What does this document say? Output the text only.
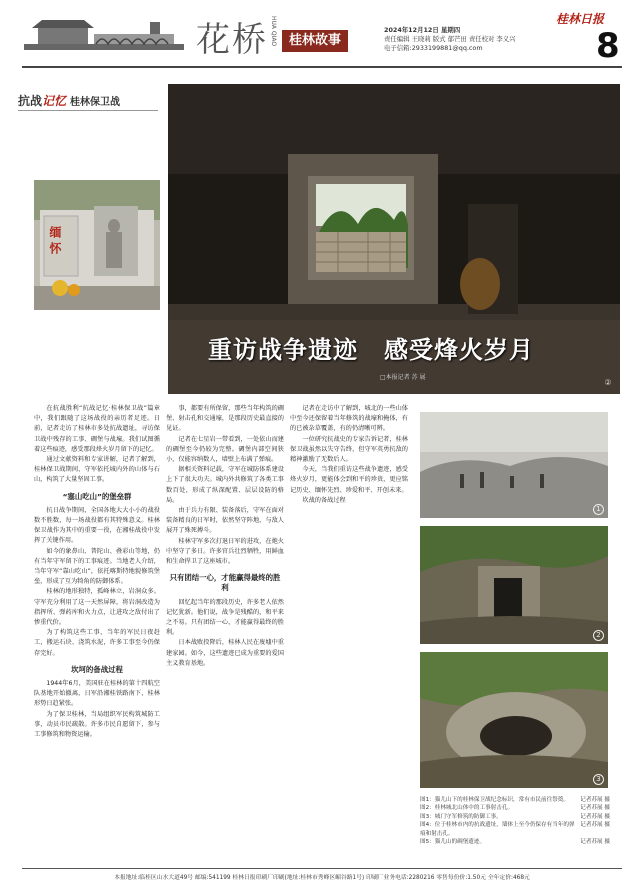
花桥 HUA QIAO 桂林故事
2024年12月12日 星期四
责任编辑 王晓莉 版式 郁芒田 责任校对 李义兴
电子信箱:2933199881@qq.com
桂林日报
8
抗战记忆 桂林保卫战
缅 怀
②
重访战争遗迹 感受烽火岁月
□本报记者 苏 展

在抗战胜利“抗战记忆·桂林保卫战”篇章中，我们跟随了这场战役的亲历者足迹。日前，记者走访了桂林市多处抗战遗址，寻访保卫战中残存的工事、碉堡与战壕。我们试图循着这些痕迹，感受那段烽火岁月留下的记忆。

通过文献资料和专家讲解，记者了解到，桂林保卫战期间，守军依托城内外的山体与石山，构筑了大量坚固工事。

“塞山吃山”的堡垒群

抗日战争期间，全国各地大大小小的战役数不胜数，每一场战役都有其特殊意义。桂林保卫战作为其中的重要一役，在湘桂战役中发挥了关键作用。

如今的象鼻山、普陀山、叠彩山等地，仍有当年守军留下的工事痕迹。当地老人介绍，当年守军“靠山吃山”，依托喀斯特地貌修筑堡垒，形成了互为犄角的防御体系。

桂林的地形独特，孤峰林立，岩洞众多。守军充分利用了这一天然屏障，将岩洞改造为指挥所、弹药库和火力点，让进攻之敌付出了惨重代价。

为了构筑这些工事，当年的军民日夜赶工，搬运石块、浇筑水泥，许多工事至今仍保存完好。

坎坷的备战过程

1944年6月，美国驻在桂林的第十四航空队基地开始撤离，日军沿湘桂铁路南下，桂林形势日趋紧张。

为了保卫桂林，当局组织军民构筑城防工事，动员市民疏散。许多市民自愿留下，参与工事修筑和物资运输。

事，都要有所保留，那些当年构筑的碉堡、射击孔和交通壕，是那段历史最直接的见证。

记者在七星岩一带看到，一处依山而建的碉堡至今仍较为完整。碉堡内部空间狭小，仅能容纳数人，墙壁上布满了弹痕。

据相关资料记载，守军在城防体系建设上下了很大功夫。城内外共修筑了各类工事数百处，形成了纵深配置、层层设防的格局。

由于兵力有限、装备落后，守军在面对装备精良的日军时，依然坚守阵地，与敌人展开了殊死搏斗。

桂林守军多次打退日军的进攻，在炮火中坚守了多日。许多官兵壮烈牺牲，用鲜血和生命捍卫了这座城市。

只有团结一心，才能赢得最终的胜利

回忆起当年的那段历史，许多老人依然记忆犹新。他们说，战争是残酷的，和平来之不易。只有团结一心，才能赢得最终的胜利。

日本战败投降后，桂林人民在废墟中重建家园。如今，这些遗迹已成为重要的爱国主义教育基地。

记者在走访中了解到，城北的一些山体中至今还保留着当年修筑的战壕和掩体，有的已被杂草覆盖，有的仍清晰可辨。

一位研究抗战史的专家告诉记者，桂林保卫战虽然以失守告终，但守军英勇抗敌的精神激励了无数后人。

今天，当我们重访这些战争遗迹，感受烽火岁月，更能体会到和平的珍贵，更应铭记历史、缅怀先烈、珍爱和平、开创未来。

坎战的备战过程

1
2
3
图1：猫儿山下的桂林保卫战纪念标识，常有市民前往祭奠。 记者苏展 摄
图2：桂林城北山体中的工事射击孔。	记者苏展 摄
图3：城门守军修筑的防御工事。	记者苏展 摄
图4：位于桂林市内的抗战遗址，墙体上至今仍保存有当年的弹痕和射击孔。
记者苏展 摄
图5：猫儿山的碉堡遗迹。	记者苏展 摄
本报地址:临桂区山水大道49号 邮编:541199 桂林日报印刷厂印刷(地址:桂林市秀峰区嵋谷路1号) 印刷厂业务电话:2280216 零售每份价:1.50元 全年定价:468元
